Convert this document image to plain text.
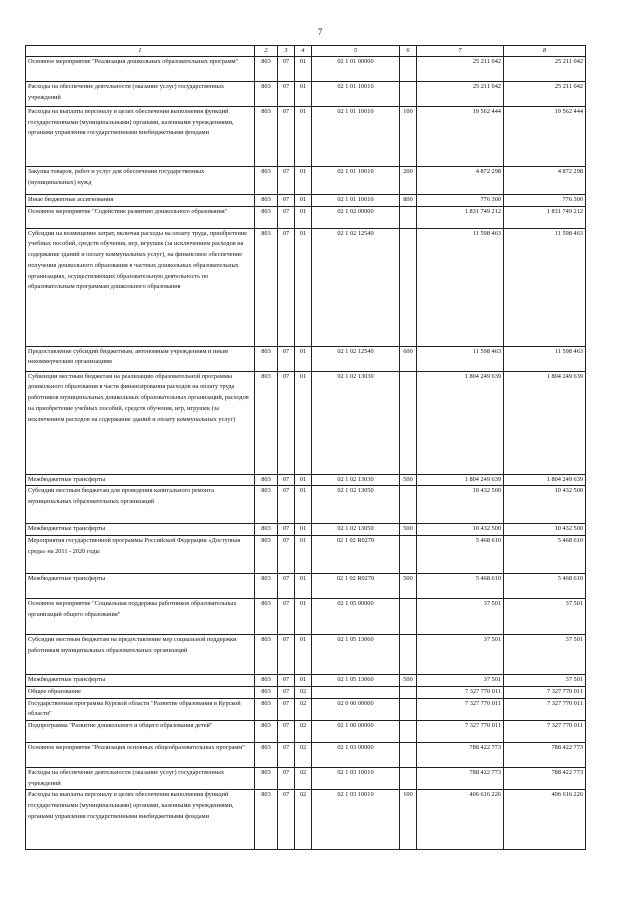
7
1	2	3	4	5	6	7	8
Основное мероприятие "Реализация дошкольных образовательных программ"	803	07	01	02 1 01 00000		25 211 042	25 211 042
Расходы на обеспечение деятельности (оказание услуг) государственных учреждений	803	07	01	02 1 01 10010		25 211 042	25 211 042
Расходы на выплаты персоналу в целях обеспечения выполнения функций государственными (муниципальными) органами, казенными учреждениями, органами управления государственными внебюджетными фондами	803	07	01	02 1 01 10010	100	19 562 444	19 562 444
Закупка товаров, работ и услуг для обеспечения государственных (муниципальных) нужд	803	07	01	02 1 01 10010	200	4 872 298	4 872 298
Иные бюджетные ассигнования	803	07	01	02 1 01 10010	800	776 300	776 300
Основное мероприятие "Содействие развитию дошкольного образования"	803	07	01	02 1 02 00000		1 831 749 212	1 831 749 212
Субсидии на возмещение затрат, включая расходы на оплату труда, приобретение учебных пособий, средств обучения, игр, игрушек (за исключением расходов на содержание зданий и оплату коммунальных услуг), на финансовое обеспечение получения дошкольного образования в частных дошкольных образовательных организациях, осуществляющих образовательную деятельность по образовательным программам дошкольного образования	803	07	01	02 1 02 12540		11 598 463	11 598 463
Предоставление субсидий бюджетным, автономным учреждениям и иным некоммерческим организациям	803	07	01	02 1 02 12540	600	11 598 463	11 598 463
Субвенции местным бюджетам на реализацию образовательной программы дошкольного образования в части финансирования расходов на оплату труда работников муниципальных дошкольных образовательных организаций, расходов на приобретение учебных пособий, средств обучения, игр, игрушек (за исключением расходов на содержание зданий и оплату коммунальных услуг)	803	07	01	02 1 02 13030		1 804 249 639	1 804 249 639
Межбюджетные трансферты	803	07	01	02 1 02 13030	500	1 804 249 639	1 804 249 639
Субсидии местным бюджетам для проведения капитального ремонта муниципальных образовательных организаций	803	07	01	02 1 02 13050		10 432 500	10 432 500
Межбюджетные трансферты	803	07	01	02 1 02 13050	500	10 432 500	10 432 500
Мероприятия государственной программы Российской Федерации «Доступная среда» на 2011 - 2020 годы	803	07	01	02 1 02 R0270		5 468 610	5 468 610
Межбюджетные трансферты	803	07	01	02 1 02 R0270	500	5 468 610	5 468 610
Основное мероприятие "Социальная поддержка работников образовательных организаций общего образования"	803	07	01	02 1 05 00000		37 501	37 501
Субсидии местным бюджетам на предоставление мер социальной поддержки работникам муниципальных образовательных организаций	803	07	01	02 1 05 13060		37 501	37 501
Межбюджетные трансферты	803	07	01	02 1 05 13060	500	37 501	37 501
Общее образование	803	07	02			7 327 770 011	7 327 770 011
Государственная программа Курской области "Развитие образования в Курской области"	803	07	02	02 0 00 00000		7 327 770 011	7 327 770 011
Подпрограмма "Развитие дошкольного и общего образования детей"	803	07	02	02 1 00 00000		7 327 770 011	7 327 770 011
Основное мероприятие "Реализация основных общеобразовательных программ"	803	07	02	02 1 03 00000		788 422 773	788 422 773
Расходы на обеспечение деятельности (оказание услуг) государственных учреждений	803	07	02	02 1 03 10010		788 422 773	788 422 773
Расходы на выплаты персоналу в целях обеспечения выполнения функций государственными (муниципальными) органами, казенными учреждениями, органами управления государственными внебюджетными фондами	803	07	02	02 1 03 10010	100	406 616 226	406 616 226
